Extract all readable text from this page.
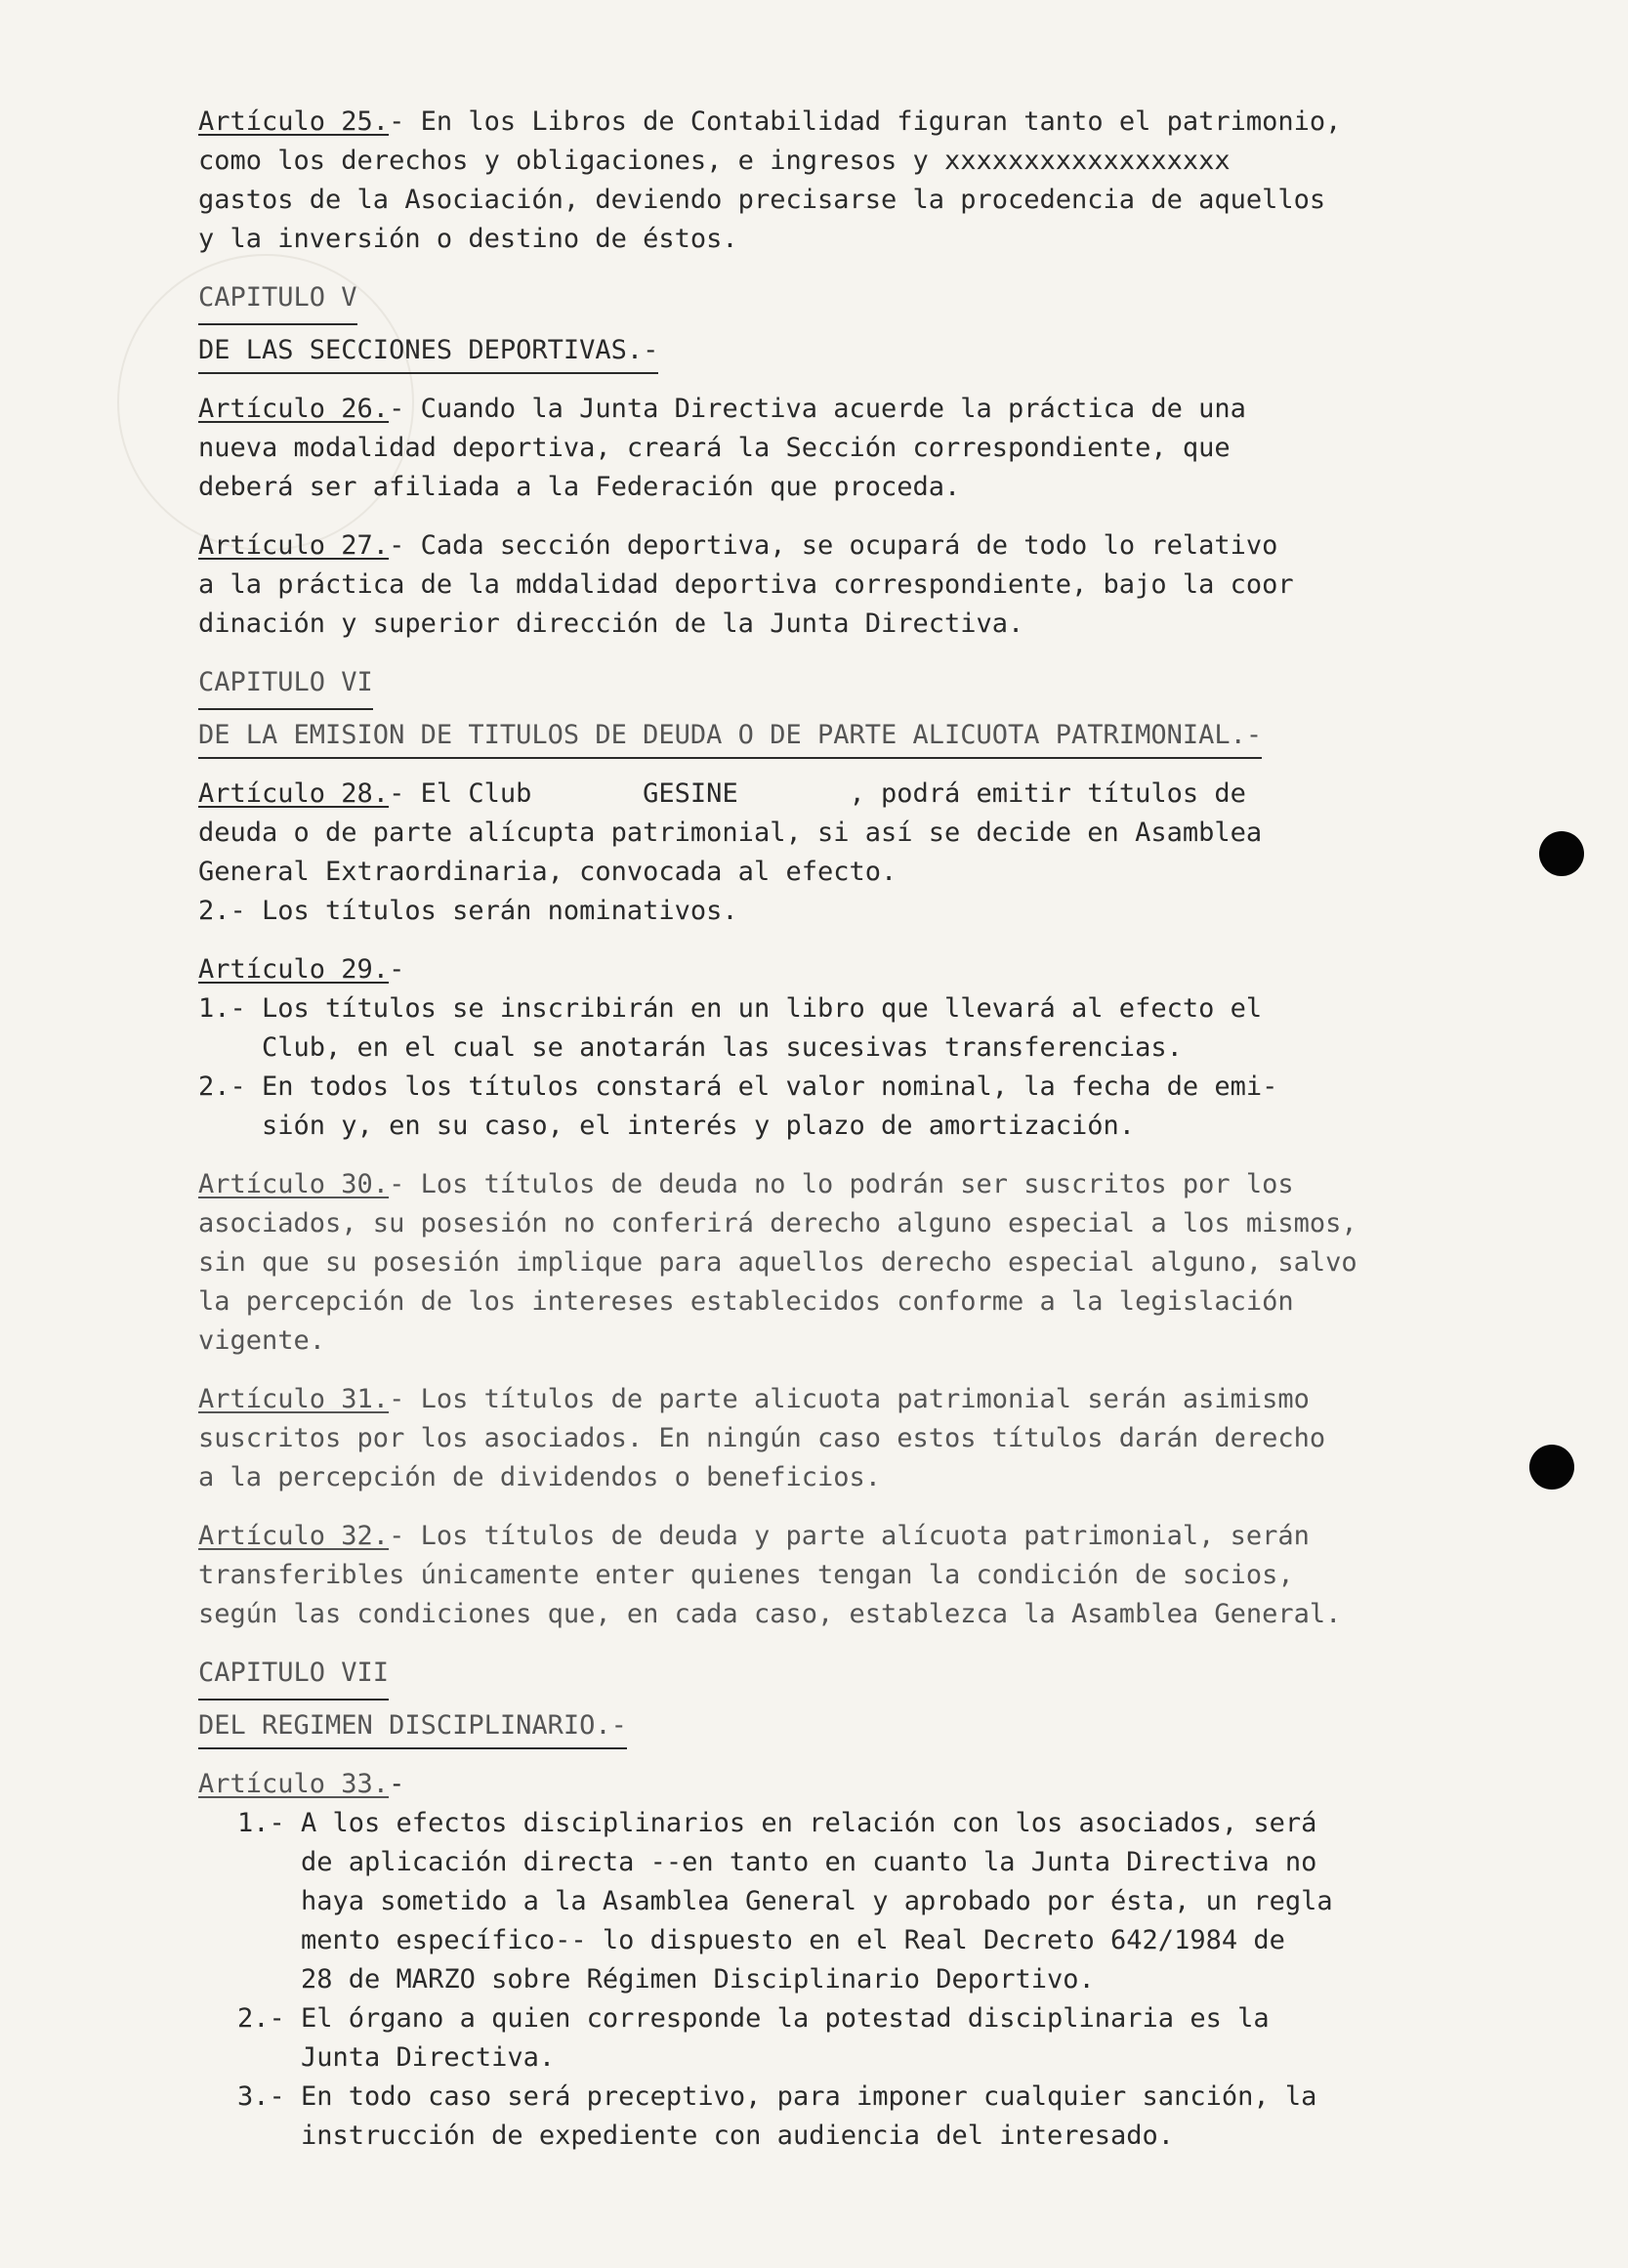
Artículo 25.- En los Libros de Contabilidad figuran tanto el patrimonio,
como los derechos y obligaciones, e ingresos y xxxxxxxxxxxxxxxxxx
gastos de la Asociación, deviendo precisarse la procedencia de aquellos
y la inversión o destino de éstos.
CAPITULO V
DE LAS SECCIONES DEPORTIVAS.-
Artículo 26.- Cuando la Junta Directiva acuerde la práctica de una
nueva modalidad deportiva, creará la Sección correspondiente, que
deberá ser afiliada a la Federación que proceda.
Artículo 27.- Cada sección deportiva, se ocupará de todo lo relativo
a la práctica de la mddalidad deportiva correspondiente, bajo la coor
dinación y superior dirección de la Junta Directiva.
CAPITULO VI
DE LA EMISION DE TITULOS DE DEUDA O DE PARTE ALICUOTA PATRIMONIAL.-
Artículo 28.- El Club       GESINE       , podrá emitir títulos de
deuda o de parte alícupta patrimonial, si así se decide en Asamblea
General Extraordinaria, convocada al efecto.
2.- Los títulos serán nominativos.
Artículo 29.-
1.- Los títulos se inscribirán en un libro que llevará al efecto el
Club, en el cual se anotarán las sucesivas transferencias.
2.- En todos los títulos constará el valor nominal, la fecha de emi-
sión y, en su caso, el interés y plazo de amortización.
Artículo 30.- Los títulos de deuda no lo podrán ser suscritos por los
asociados, su posesión no conferirá derecho alguno especial a los mismos,
sin que su posesión implique para aquellos derecho especial alguno, salvo
la percepción de los intereses establecidos conforme a la legislación
vigente.
Artículo 31.- Los títulos de parte alicuota patrimonial serán asimismo
suscritos por los asociados. En ningún caso estos títulos darán derecho
a la percepción de dividendos o beneficios.
Artículo 32.- Los títulos de deuda y parte alícuota patrimonial, serán
transferibles únicamente enter quienes tengan la condición de socios,
según las condiciones que, en cada caso, establezca la Asamblea General.
CAPITULO VII
DEL REGIMEN DISCIPLINARIO.-
Artículo 33.-
1.- A los efectos disciplinarios en relación con los asociados, será
de aplicación directa --en tanto en cuanto la Junta Directiva no
haya sometido a la Asamblea General y aprobado por ésta, un regla
mento específico-- lo dispuesto en el Real Decreto 642/1984 de
28 de MARZO sobre Régimen Disciplinario Deportivo.
2.- El órgano a quien corresponde la potestad disciplinaria es la
Junta Directiva.
3.- En todo caso será preceptivo, para imponer cualquier sanción, la
instrucción de expediente con audiencia del interesado.
